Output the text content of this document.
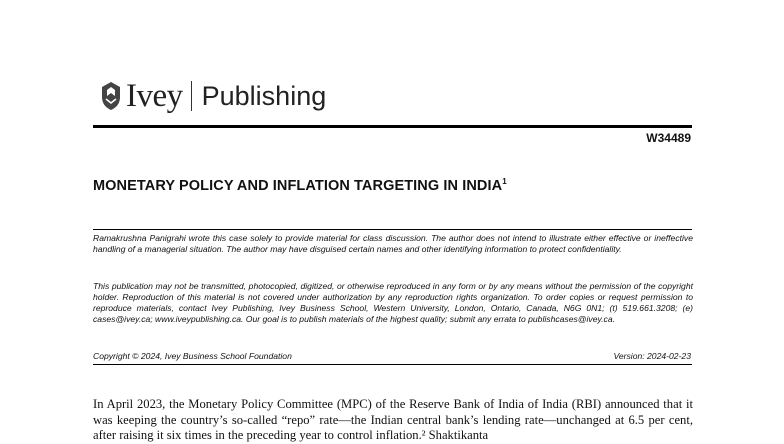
Ivey Publishing
W34489
MONETARY POLICY AND INFLATION TARGETING IN INDIA$^1$
Ramakrushna Panigrahi wrote this case solely to provide material for class discussion. The author does not intend to illustrate either effective or ineffective handling of a managerial situation. The author may have disguised certain names and other identifying information to protect confidentiality.
This publication may not be transmitted, photocopied, digitized, or otherwise reproduced in any form or by any means without the permission of the copyright holder. Reproduction of this material is not covered under authorization by any reproduction rights organization. To order copies or request permission to reproduce materials, contact Ivey Publishing, Ivey Business School, Western University, London, Ontario, Canada, N6G 0N1; (t) 519.661.3208; (e) cases@ivey.ca; www.iveypublishing.ca. Our goal is to publish materials of the highest quality; submit any errata to publishcases@ivey.ca.
Copyright © 2024, Ivey Business School Foundation	Version: 2024-02-23
In April 2023, the Monetary Policy Committee (MPC) of the Reserve Bank of India of India (RBI) announced that it was keeping the country’s so-called “repo” rate—the Indian central bank’s lending rate—unchanged at 6.5 per cent, after raising it six times in the preceding year to control inflation.² Shaktikanta
